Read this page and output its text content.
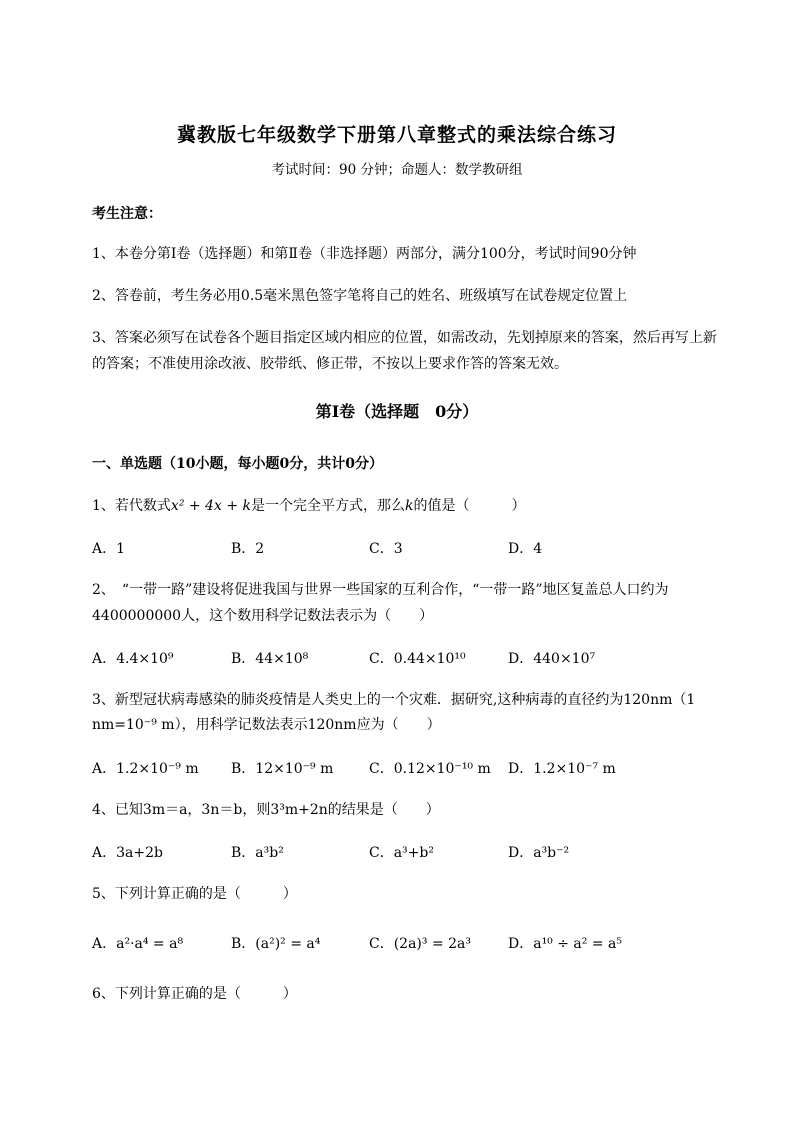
冀教版七年级数学下册第八章整式的乘法综合练习
考试时间：90 分钟；命题人：数学教研组
考生注意：
1、本卷分第Ⅰ卷（选择题）和第Ⅱ卷（非选择题）两部分，满分100分，考试时间90分钟
2、答卷前，考生务必用0.5毫米黑色签字笔将自己的姓名、班级填写在试卷规定位置上
3、答案必须写在试卷各个题目指定区域内相应的位置，如需改动，先划掉原来的答案，然后再写上新
的答案；不准使用涂改液、胶带纸、修正带，不按以上要求作答的答案无效。
第Ⅰ卷（选择题　0分）
一、单选题（10小题，每小题0分，共计0分）
1、若代数式x² + 4x + k是一个完全平方式，那么k的值是（　　　）
A．1	B．2	C．3	D．4
2、　“一带一路”建设将促进我国与世界一些国家的互利合作，“一带一路”地区复盖总人口约为
4400000000人，这个数用科学记数法表示为（　　）
A．4.4×10⁹	B．44×10⁸	C．0.44×10¹⁰	D．440×10⁷
3、新型冠状病毒感染的肺炎疫情是人类史上的一个灾难．据研究,这种病毒的直径约为120nm（1
nm=10⁻⁹ m），用科学记数法表示120nm应为（　　）
A．1.2×10⁻⁹ m B．12×10⁻⁹ m	C．0.12×10⁻¹⁰ m D．1.2×10⁻⁷ m
4、已知3m＝a，3n＝b，则3³m+2n的结果是（　　）
A．3a+2b	B．a³b²	C．a³+b²	D．a³b⁻²
5、下列计算正确的是（　　　）
A．a²·a⁴ = a⁸	B．(a²)² = a⁴	C．(2a)³ = 2a³	D．a¹⁰ ÷ a² = a⁵
6、下列计算正确的是（　　　）
